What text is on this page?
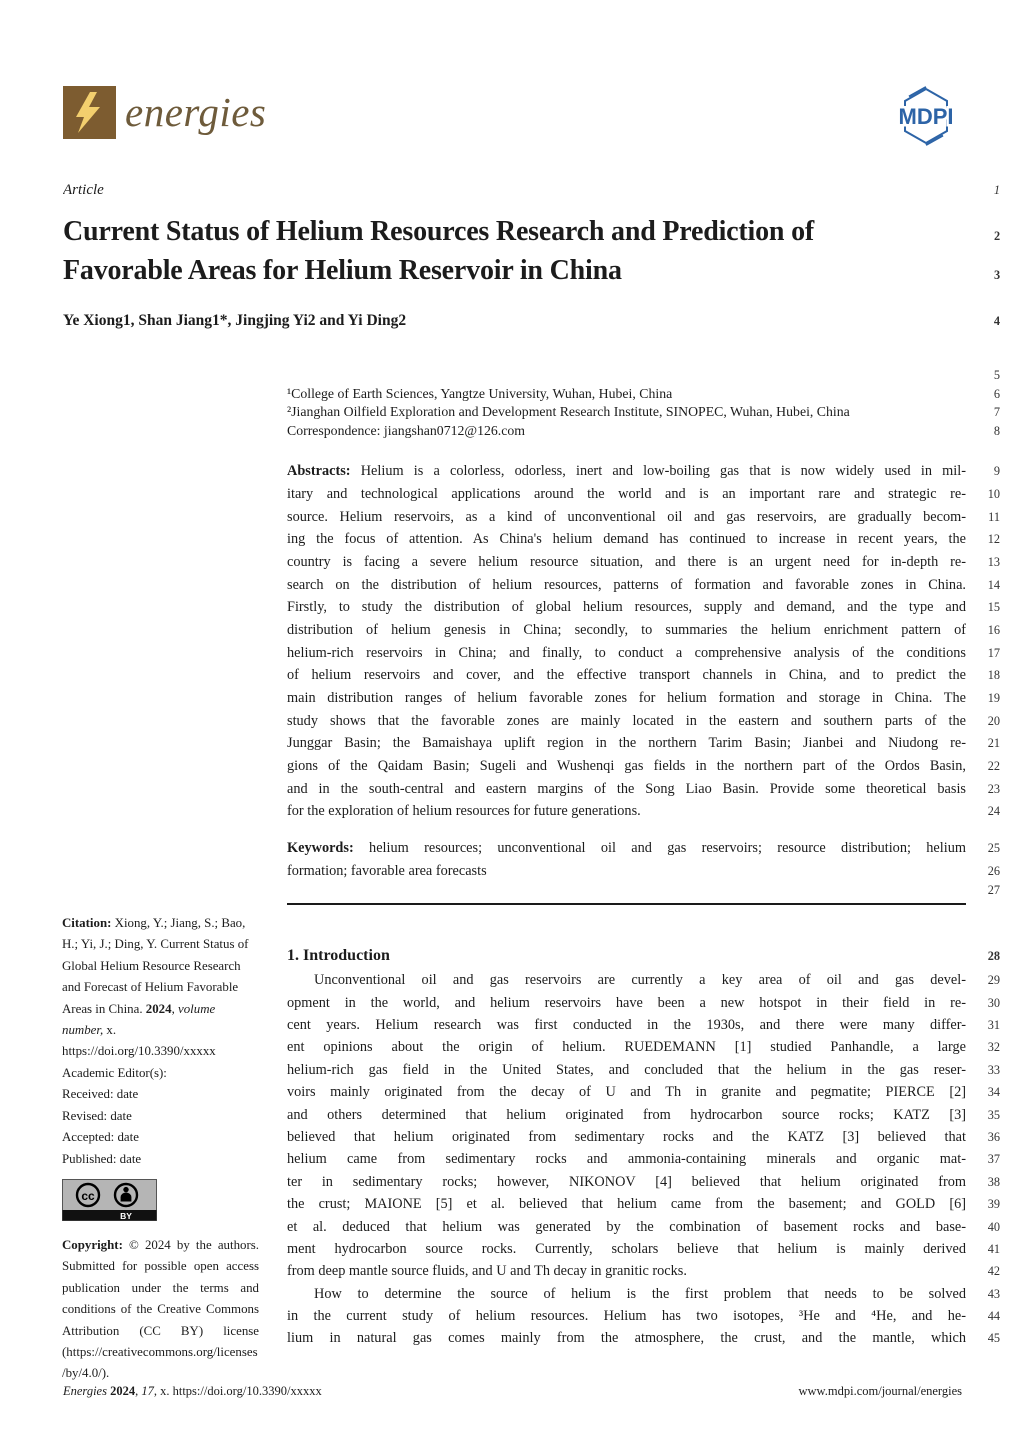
energies	MDPI
Article	1
Current Status of Helium Resources Research and Prediction of	2
Favorable Areas for Helium Reservoir in China	3
Ye Xiong1, Shan Jiang1*, Jingjing Yi2 and Yi Ding2	4

5
¹College of Earth Sciences, Yangtze University, Wuhan, Hubei, China	6
²Jianghan Oilfield Exploration and Development Research Institute, SINOPEC, Wuhan, Hubei, China	7
Correspondence: jiangshan0712@126.com	8
Abstracts: Helium is a colorless, odorless, inert and low-boiling gas that is now widely used in mil-	9
itary and technological applications around the world and is an important rare and strategic re-	10
source. Helium reservoirs, as a kind of unconventional oil and gas reservoirs, are gradually becom-	11
ing the focus of attention. As China's helium demand has continued to increase in recent years, the	12
country is facing a severe helium resource situation, and there is an urgent need for in-depth re-	13
search on the distribution of helium resources, patterns of formation and favorable zones in China.	14
Firstly, to study the distribution of global helium resources, supply and demand, and the type and	15
distribution of helium genesis in China; secondly, to summaries the helium enrichment pattern of	16
helium-rich reservoirs in China; and finally, to conduct a comprehensive analysis of the conditions	17
of helium reservoirs and cover, and the effective transport channels in China, and to predict the	18
main distribution ranges of helium favorable zones for helium formation and storage in China. The	19
study shows that the favorable zones are mainly located in the eastern and southern parts of the	20
Junggar Basin; the Bamaishaya uplift region in the northern Tarim Basin; Jianbei and Niudong re-	21
gions of the Qaidam Basin; Sugeli and Wushenqi gas fields in the northern part of the Ordos Basin,	22
and in the south-central and eastern margins of the Song Liao Basin. Provide some theoretical basis	23
for the exploration of helium resources for future generations.	24
Keywords: helium resources; unconventional oil and gas reservoirs; resource distribution; helium	25
formation; favorable area forecasts	26
27
1. Introduction	28
Unconventional oil and gas reservoirs are currently a key area of oil and gas devel-	29
opment in the world, and helium reservoirs have been a new hotspot in their field in re-	30
cent years. Helium research was first conducted in the 1930s, and there were many differ-	31
ent opinions about the origin of helium. RUEDEMANN [1] studied Panhandle, a large	32
helium-rich gas field in the United States, and concluded that the helium in the gas reser-	33
voirs mainly originated from the decay of U and Th in granite and pegmatite; PIERCE [2]	34
and others determined that helium originated from hydrocarbon source rocks; KATZ [3]	35
believed that helium originated from sedimentary rocks and the KATZ [3] believed that	36
helium came from sedimentary rocks and ammonia-containing minerals and organic mat-	37
ter in sedimentary rocks; however, NIKONOV [4] believed that helium originated from	38
the crust; MAIONE [5] et al. believed that helium came from the basement; and GOLD [6]	39
et al. deduced that helium was generated by the combination of basement rocks and base-	40
ment hydrocarbon source rocks. Currently, scholars believe that helium is mainly derived	41
from deep mantle source fluids, and U and Th decay in granitic rocks.	42
How to determine the source of helium is the first problem that needs to be solved	43
in the current study of helium resources. Helium has two isotopes, ³He and ⁴He, and he-	44
lium in natural gas comes mainly from the atmosphere, the crust, and the mantle, which	45

Citation: Xiong, Y.; Jiang, S.; Bao, H.; Yi, J.; Ding, Y. Current Status of Global Helium Resource Research and Forecast of Helium Favorable Areas in China. 2024, volume number, x. https://doi.org/10.3390/xxxxx

Academic Editor(s):

Received: date
Revised: date
Accepted: date
Published: date
cc
BY

Copyright: © 2024 by the authors. Submitted for possible open access publication under the terms and conditions of the Creative Commons Attribution (CC BY) license (https://creativecommons.org/licenses/by/4.0/).

Energies 2024, 17, x. https://doi.org/10.3390/xxxxx	www.mdpi.com/journal/energies
